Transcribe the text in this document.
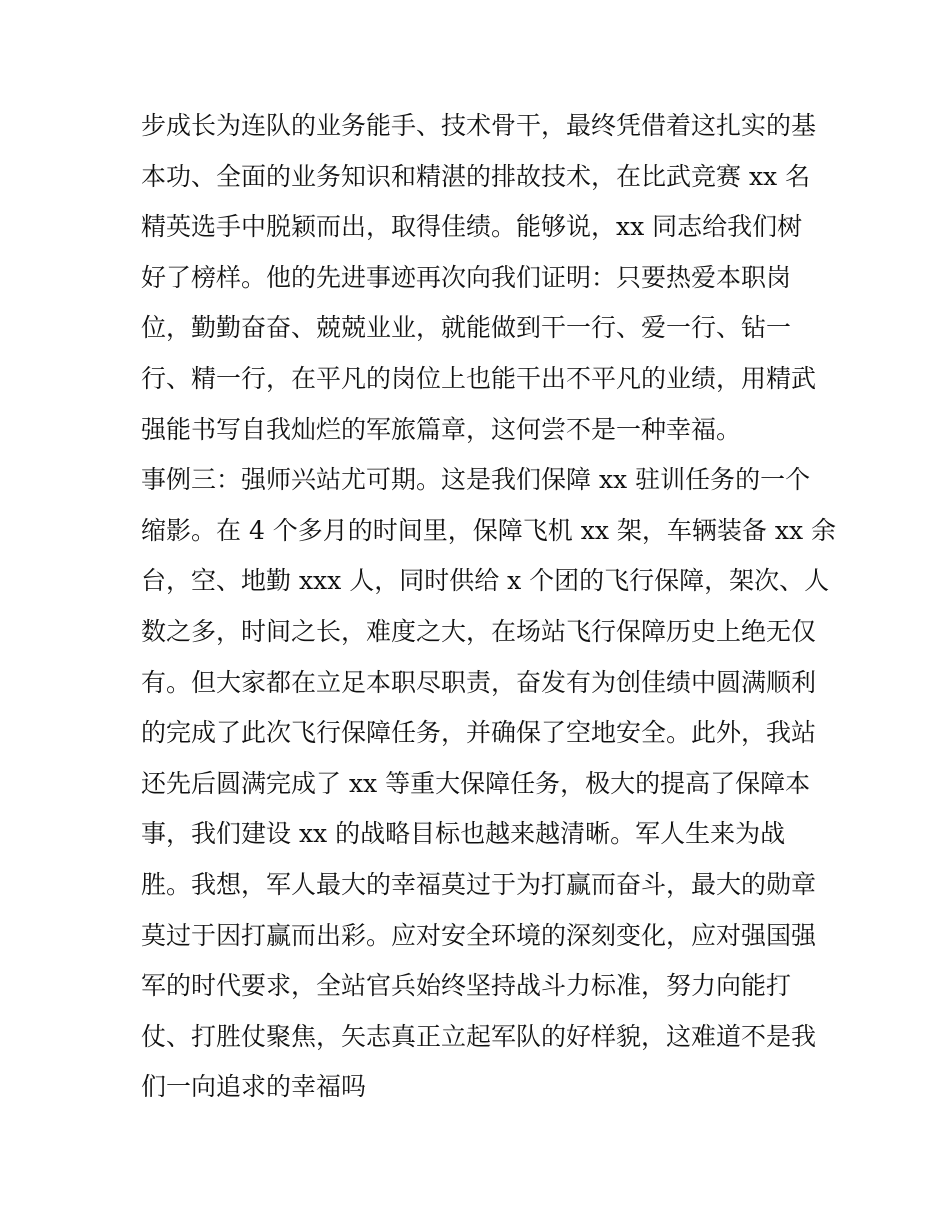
步成长为连队的业务能手、技术骨干，最终凭借着这扎实的基
本功、全面的业务知识和精湛的排故技术，在比武竞赛 xx 名
精英选手中脱颖而出，取得佳绩。能够说，xx 同志给我们树
好了榜样。他的先进事迹再次向我们证明：只要热爱本职岗
位，勤勤奋奋、兢兢业业，就能做到干一行、爱一行、钻一
行、精一行，在平凡的岗位上也能干出不平凡的业绩，用精武
强能书写自我灿烂的军旅篇章，这何尝不是一种幸福。
事例三：强师兴站尤可期。这是我们保障 xx 驻训任务的一个
缩影。在 4 个多月的时间里，保障飞机 xx 架，车辆装备 xx 余
台，空、地勤 xxx 人，同时供给 x 个团的飞行保障，架次、人
数之多，时间之长，难度之大，在场站飞行保障历史上绝无仅
有。但大家都在立足本职尽职责，奋发有为创佳绩中圆满顺利
的完成了此次飞行保障任务，并确保了空地安全。此外，我站
还先后圆满完成了 xx 等重大保障任务，极大的提高了保障本
事，我们建设 xx 的战略目标也越来越清晰。军人生来为战
胜。我想，军人最大的幸福莫过于为打赢而奋斗，最大的勋章
莫过于因打赢而出彩。应对安全环境的深刻变化，应对强国强
军的时代要求，全站官兵始终坚持战斗力标准，努力向能打
仗、打胜仗聚焦，矢志真正立起军队的好样貌，这难道不是我
们一向追求的幸福吗
